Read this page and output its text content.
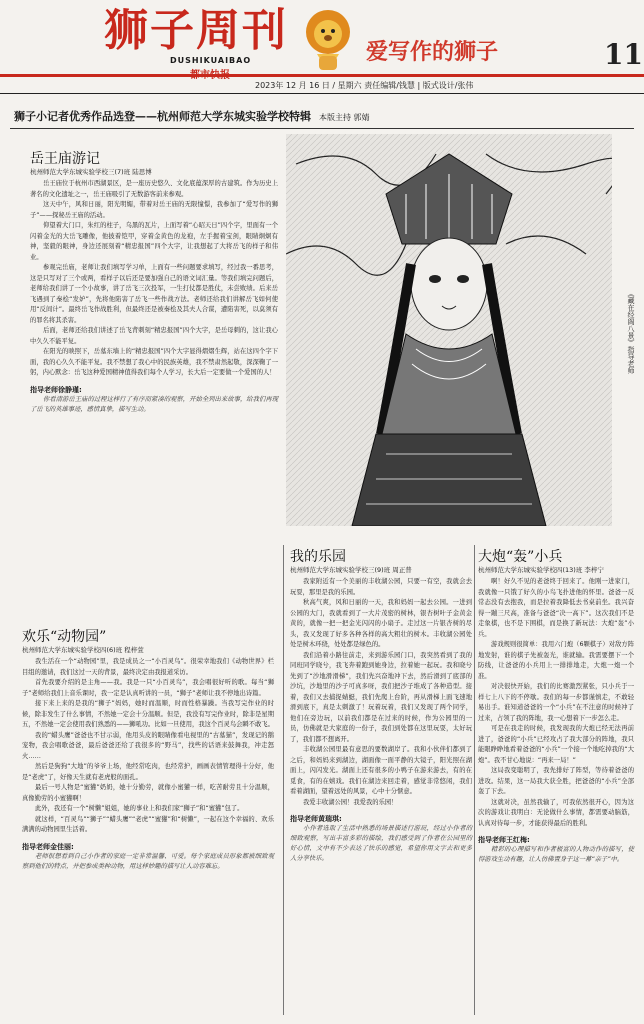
狮子周刊
DUSHIKUAIBAO	爱写作的狮子	11
2023年 12 月 16 日 / 星期六 责任编辑/钱慧 | 版式设计/张伟
狮子小记者优秀作品选登——杭州师范大学东城实验学校特辑 本版主持 郭婧
《藏在经阁八景》指导老师
岳王庙游记
杭州师范大学东城实验学校三(7)班 陆思博

岳王庙位于杭州市西湖景区，是一座历史悠久、文化底蕴深厚的古建筑。作为历史上著名的文化遗址之一，岳王庙吸引了无数游客前来参观。

这天中午，风和日丽，阳光明媚，带着对岳王庙的无限憧憬，我参加了“爱写作的狮子”——探秘岳王庙的活动。

仰望着大门口，朱红的柱子，乌黑的瓦片，上面写着“心昭天日”四个字，里面有一个闪着金光的大岳飞雕像，他披着铠甲，穿着金黄色的龙袍，左手握着宝剑，眼睛炯炯有神，坚毅的眼神，身边还展刻着“精忠报国”四个大字，让我想起了大将岳飞的样子和伟业。

参观完岳庙，老师让我们填写学习单，上面有一些问题要求填写，经过我一番思考，这是只写对了三个或两，看样子以后还是要加强自己的语文词汇量。等我们填完问题后，老师给我们讲了一个小故事，讲了岳飞三次投军，一生打仗都是胜仗，未尝败绩。后来岳飞遇到了秦桧“发妒”，先将他陷害了岳飞一些作战方法。老师还给我们讲解岳飞如何使用“反间计”。最终岳飞作战胜利，但最终还是被秦桧及其夫人合谋，遭陷害死，以莫须有的罪名将其杀害。

后面，老师还给我们讲述了岳飞背刺刻“精忠报国”四个大字，是岳母刺的，这让我心中久久不能平复。

在阳光的映照下，岳墓东墙上的“精忠报国”四个大字显得熠熠生辉，站在这四个字下面，我的心久久不能平复。我不禁想了我心中的民族英雄，我不禁肃然起敬，深深鞠了一躬，内心默念：岳飞这种爱国精神值得我们每个人学习，长大后一定要做一个爱国的人！

指导老师徐静瑾:

你看清游岳王庙的过程这样行了有序而紧凑的观察，开始全列出来故事，给我们再现了岳飞的英雄事迹，感情真挚，描写生动。

欢乐“动物园”
杭州师范大学东城实验学校四(6)班 程梓萱

我生活在一个“动物园”里，我是成员之一“小百灵鸟”。很荣幸地我们《动物世界》栏目组的邀请，我们这过一天的背景，最终决定由我报道采访。

首先我要介绍的是主角——我。我是一只“小百灵鸟”，我会唱很好听的歌。每当“狮子”老师给我们上音乐课时，我一定是认真听讲的一员，“狮子”老师让我不停地出诗篇。

接下来上来的是我的“狮子”妈妈，她时而温顺，时而性格暴躁。当我写完作业的时候，除非发生了什么事情，不然她一定会十分温顺。但是，我没有写完作业时，除非是星期五，不然她一定会使用我们熟悉的——狮吼功。比如一旦使用，我这个百灵鸟会瞬不敢飞。

我的“蜡头鹰”爸爸也不甘示弱，他用头皮的眼睛像看电视里的“古墓猫”，发现记的鹅宠物，我会唱歌爸爸，最后爸爸还给了我很多的“野马”，找些的话语来鼓舞我，冲走怒火……

然后是狗狗“大地”的爷爷上场，他经常吃肉，也经常护，画画表情管理得十分好，他是“老虎”了，好像天生就有老虎般的面孔。

最后一号人物是“蜜獾”奶奶，她十分勤劳，就像小蜜獾一样，吃苦耐劳且十分温顺，真像勤劳的小蜜獾啊！

此外，我还有一个“树懒”姐姐，她的事业上和我们家“狮子”和“蜜獾”包了。

就这样，“百灵鸟”“狮子”“蜡头鹰”“老虎”“蜜獾”和“树懒”，一起在这个幸福的、欢乐满满的动物园里生活着。

指导老师金佳丽:

老师很想看到自己小作者的家庭一定非常温馨、可爱。每个家庭成员形象都被细致观察到他们的特点，并把参成类种动物，用这样妙趣的描写让人动容难忘。

我的乐园
杭州师范大学东城实验学校三(9)班 周正普

我家附近有一个美丽的丰收湖公园，只要一有空，我就会去玩耍，那里是我的乐园。

秋高气爽，风和日丽的一天，我和妈妈一起去公园。一进到公园的大门，我就看到了一大片茂密的树林，银杏树叶子金黄金黄的，就像一把一把金光闪闪的小扇子。走过这一片银杏树的尽头，我又发现了好多各种各样的高大粗壮的树木。丰收湖公园处处是树木环绕，处处都是绿色的。

我们沿着小路往前走，来到游乐园门口，我突然看到了我的同班同学晓兮，我飞奔着跑到她身边，拉着她一起玩。我和晓兮先到了“沙地滑滑梯”，我们先兴奋地冲下去，然后滑到了底部的沙坑，沙地里的沙子可真多呀，我们把沙子堆成了各种造型。接着，我们又去捕捉蜻蜓，我们先爬上台阶，再从滑梯上面飞速地滑到底下，真是太刺激了！玩着玩着，我们又发现了两个同学，他们在旁边玩，以前我们都是在过来的时候，作为公园里的一员，仿佛就是大家庭的一份子，我们到处都在这里玩耍，太好玩了，我们都不想离开。

丰收湖公园里最有意思的要数湖岸了。我和小伙伴们都到了之后，和妈妈来到湖边，湖面像一面平静的大镜子，阳光照在湖面上，闪闪发光。湖面上还有很多的小鸭子在游来游去，有的在觅食，有的在嬉戏。我们在湖边来回走着，感觉非常悠闲，我们看着湖面，望着远处的风景，心中十分惬意。

我爱丰收湖公园！我爱我的乐园！

指导老师黄瑞琪:

小作者选取了生活中熟悉的场景描述行游玩，经过小作者的细致观察，写出丰富多彩的描绘，我们感受到了作者在公园里的好心情，文中有不少表达了快乐的感觉，希望你用文字去和更多人分享快乐。

大炮“轰”小兵
杭州师范大学东城实验学校四(13)班 李梓宁

啊！好久不见的老爸终于回来了。他刚一进家门，我就像一只饿了好久的小鸟飞扑进他的怀里。爸爸一反常态没有去抱我，而是拉着我降低去书桌前坐。我兴奋得一蹦三尺高，准备与爸爸“决一高下”。这次我们不是走象棋，也不是下围棋，而是换了新玩法：大炮“轰”小兵。

游戏规则很简单：我用六门炮（6颗棋子）对敌方阵地发射，谁的棋子先被轰光，谁就输。我需要摆下一个防线，让爸爸的小兵用上一排排地走，大炮一炮一个准。

对决很快开始，我们的比赛激烈紧张，只小兵于一样七上八下的不停歇。我们的每一步都谨慎走，不敢轻易出手。谁知道爸爸的一个“小兵”在不注意的时候冲了过来，占领了我的阵地，我一心想着下一步怎么走。

可是在我走的时候，我发现我的大炮已经无法再前进了，爸爸的“小兵”已经攻占了我大部分的阵地，我只能眼睁睁地看着爸爸的“小兵”一个接一个地吃掉我的“大炮”。我不甘心地说：“再来一局！”

这局我变聪明了，我先排好了阵型，等待着爸爸的进攻。结果，这一局我大获全胜，把爸爸的“小兵”全部轰了下去。

这就对决，虽然我输了，可我依然很开心，因为这次的游戏让我明白：无论做什么事情，都需要动脑筋，认真对待每一步，才能获得最后的胜利。

指导老师王红梅:

精彩的心理描写和作者极富的人物动作的描写，使得游戏生动有趣，让人仿佛置身于这一幕“亲子”中。
